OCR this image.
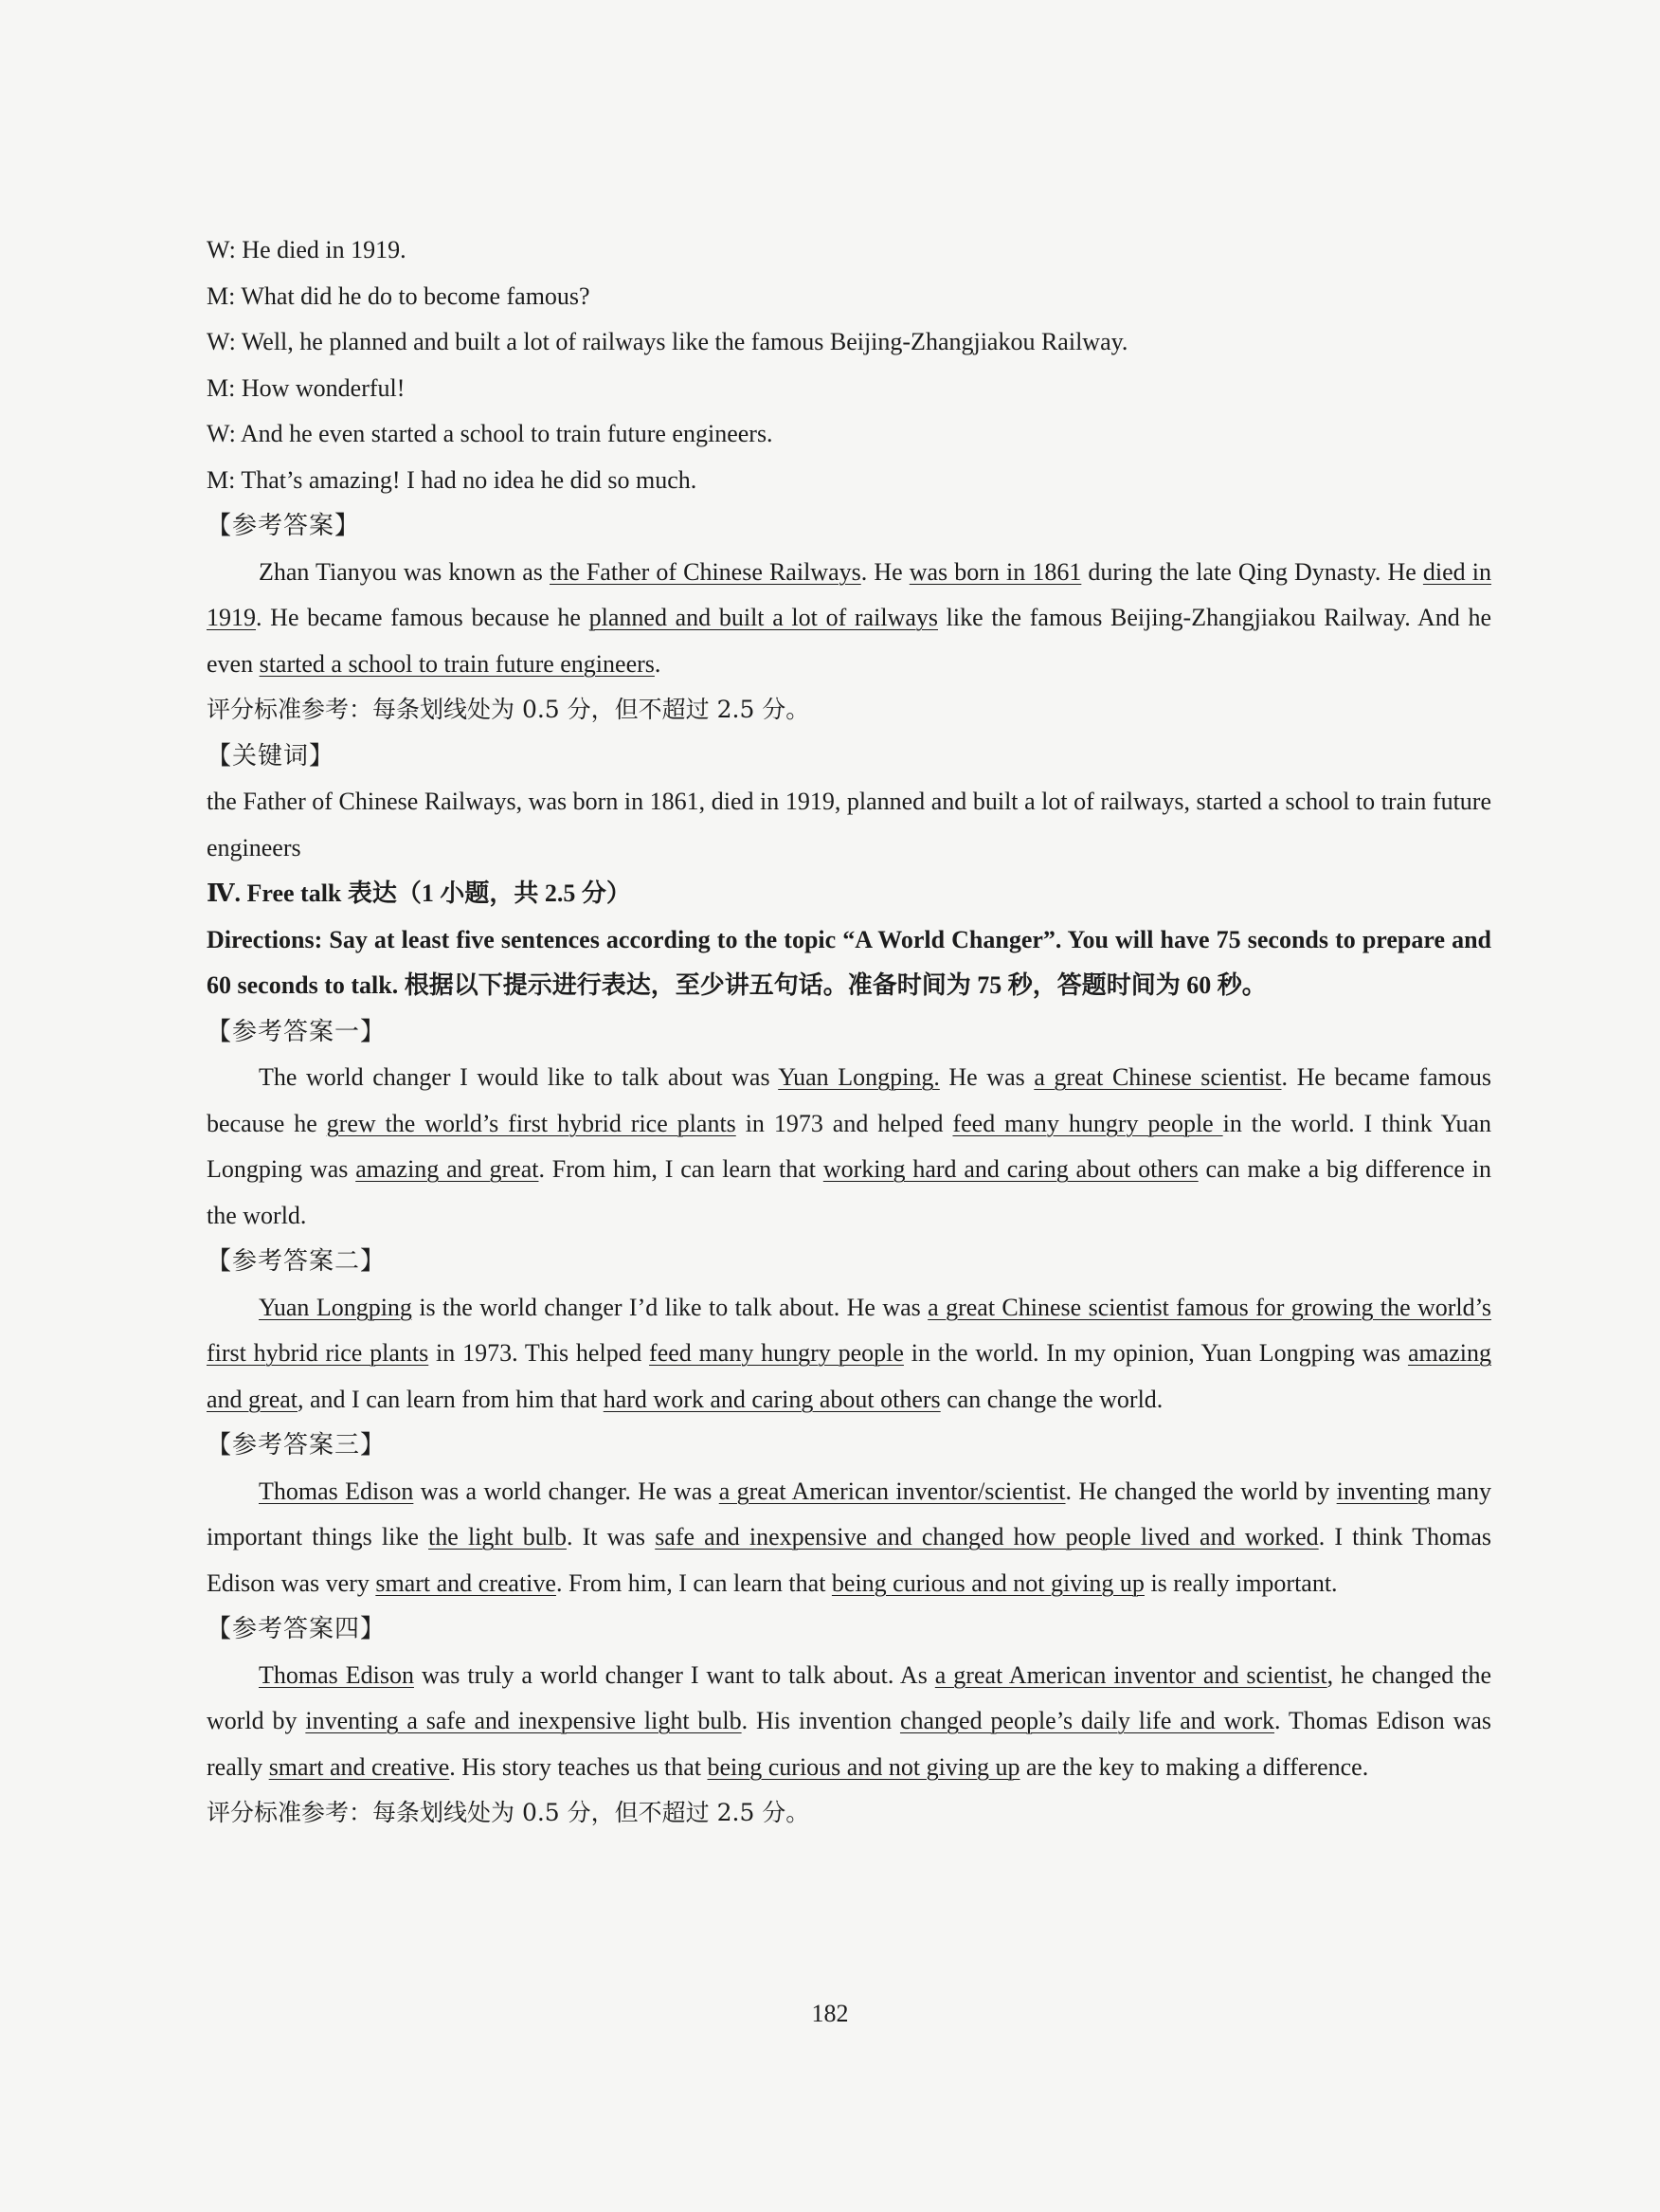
W: He died in 1919.

M: What did he do to become famous?

W: Well, he planned and built a lot of railways like the famous Beijing-Zhangjiakou Railway.

M: How wonderful!

W: And he even started a school to train future engineers.

M: That’s amazing! I had no idea he did so much.

【参考答案】

Zhan Tianyou was known as the Father of Chinese Railways. He was born in 1861 during the late Qing Dynasty. He died in 1919. He became famous because he planned and built a lot of railways like the famous Beijing-Zhangjiakou Railway. And he even started a school to train future engineers.

评分标准参考：每条划线处为 0.5 分，但不超过 2.5 分。

【关键词】

the Father of Chinese Railways, was born in 1861, died in 1919, planned and built a lot of railways, started a school to train future engineers

Ⅳ. Free talk 表达（1 小题，共 2.5 分）

Directions: Say at least five sentences according to the topic “A World Changer”. You will have 75 seconds to prepare and 60 seconds to talk. 根据以下提示进行表达，至少讲五句话。准备时间为 75 秒，答题时间为 60 秒。

【参考答案一】

The world changer I would like to talk about was Yuan Longping. He was a great Chinese scientist. He became famous because he grew the world’s first hybrid rice plants in 1973 and helped feed many hungry people in the world. I think Yuan Longping was amazing and great. From him, I can learn that working hard and caring about others can make a big difference in the world.

【参考答案二】

Yuan Longping is the world changer I’d like to talk about. He was a great Chinese scientist famous for growing the world’s first hybrid rice plants in 1973. This helped feed many hungry people in the world. In my opinion, Yuan Longping was amazing and great, and I can learn from him that hard work and caring about others can change the world.

【参考答案三】

Thomas Edison was a world changer. He was a great American inventor/scientist. He changed the world by inventing many important things like the light bulb. It was safe and inexpensive and changed how people lived and worked. I think Thomas Edison was very smart and creative. From him, I can learn that being curious and not giving up is really important.

【参考答案四】

Thomas Edison was truly a world changer I want to talk about. As a great American inventor and scientist, he changed the world by inventing a safe and inexpensive light bulb. His invention changed people’s daily life and work. Thomas Edison was really smart and creative. His story teaches us that being curious and not giving up are the key to making a difference.

评分标准参考：每条划线处为 0.5 分，但不超过 2.5 分。

182
